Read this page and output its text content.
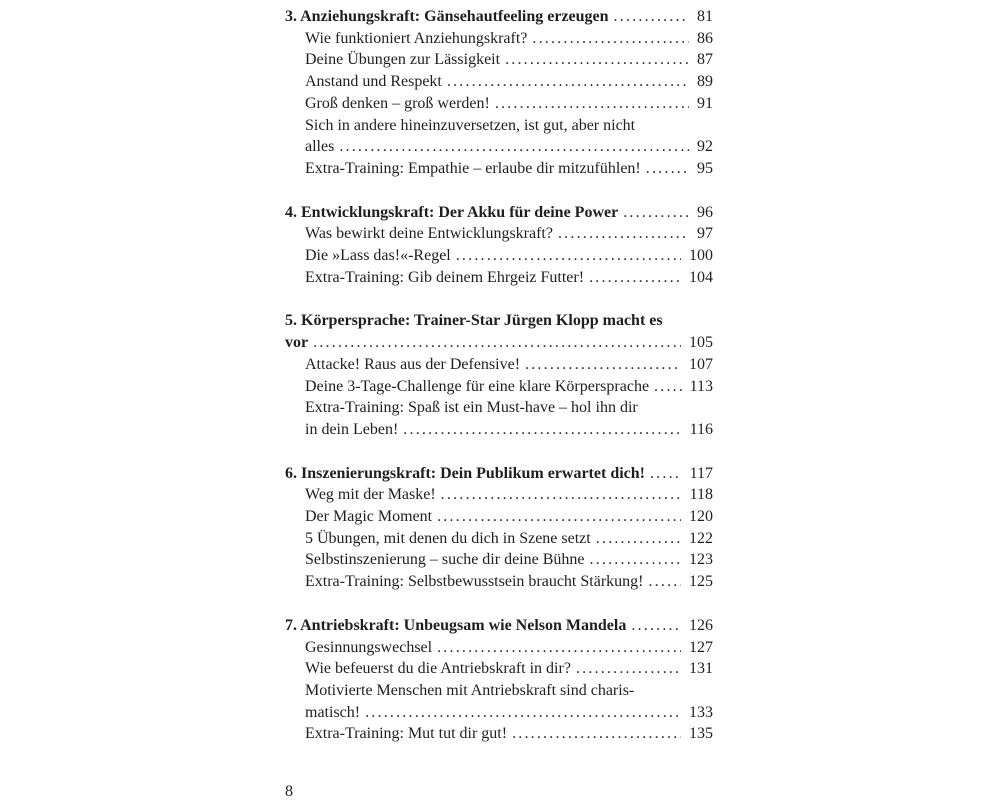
3. Anziehungskraft: Gänsehautfeeling erzeugen .....	81
Wie funktioniert Anziehungskraft? .....	86
Deine Übungen zur Lässigkeit .....	87
Anstand und Respekt .....	89
Groß denken – groß werden! .....	91
Sich in andere hineinzuversetzen, ist gut, aber nicht
alles .....	92
Extra-Training: Empathie – erlaube dir mitzufühlen! .....	95
4. Entwicklungskraft: Der Akku für deine Power .....	96
Was bewirkt deine Entwicklungskraft? .....	97
Die »Lass das!«-Regel .....	100
Extra-Training: Gib deinem Ehrgeiz Futter! .....	104
5. Körpersprache: Trainer-Star Jürgen Klopp macht es
vor .....	105
Attacke! Raus aus der Defensive! .....	107
Deine 3-Tage-Challenge für eine klare Körpersprache .....	113
Extra-Training: Spaß ist ein Must-have – hol ihn dir
in dein Leben! .....	116
6. Inszenierungskraft: Dein Publikum erwartet dich! .....	117
Weg mit der Maske! .....	118
Der Magic Moment .....	120
5 Übungen, mit denen du dich in Szene setzt .....	122
Selbstinszenierung – suche dir deine Bühne .....	123
Extra-Training: Selbstbewusstsein braucht Stärkung! .....	125
7. Antriebskraft: Unbeugsam wie Nelson Mandela .....	126
Gesinnungswechsel .....	127
Wie befeuerst du die Antriebskraft in dir? .....	131
Motivierte Menschen mit Antriebskraft sind charis-
matisch! .....	133
Extra-Training: Mut tut dir gut! .....	135
8
